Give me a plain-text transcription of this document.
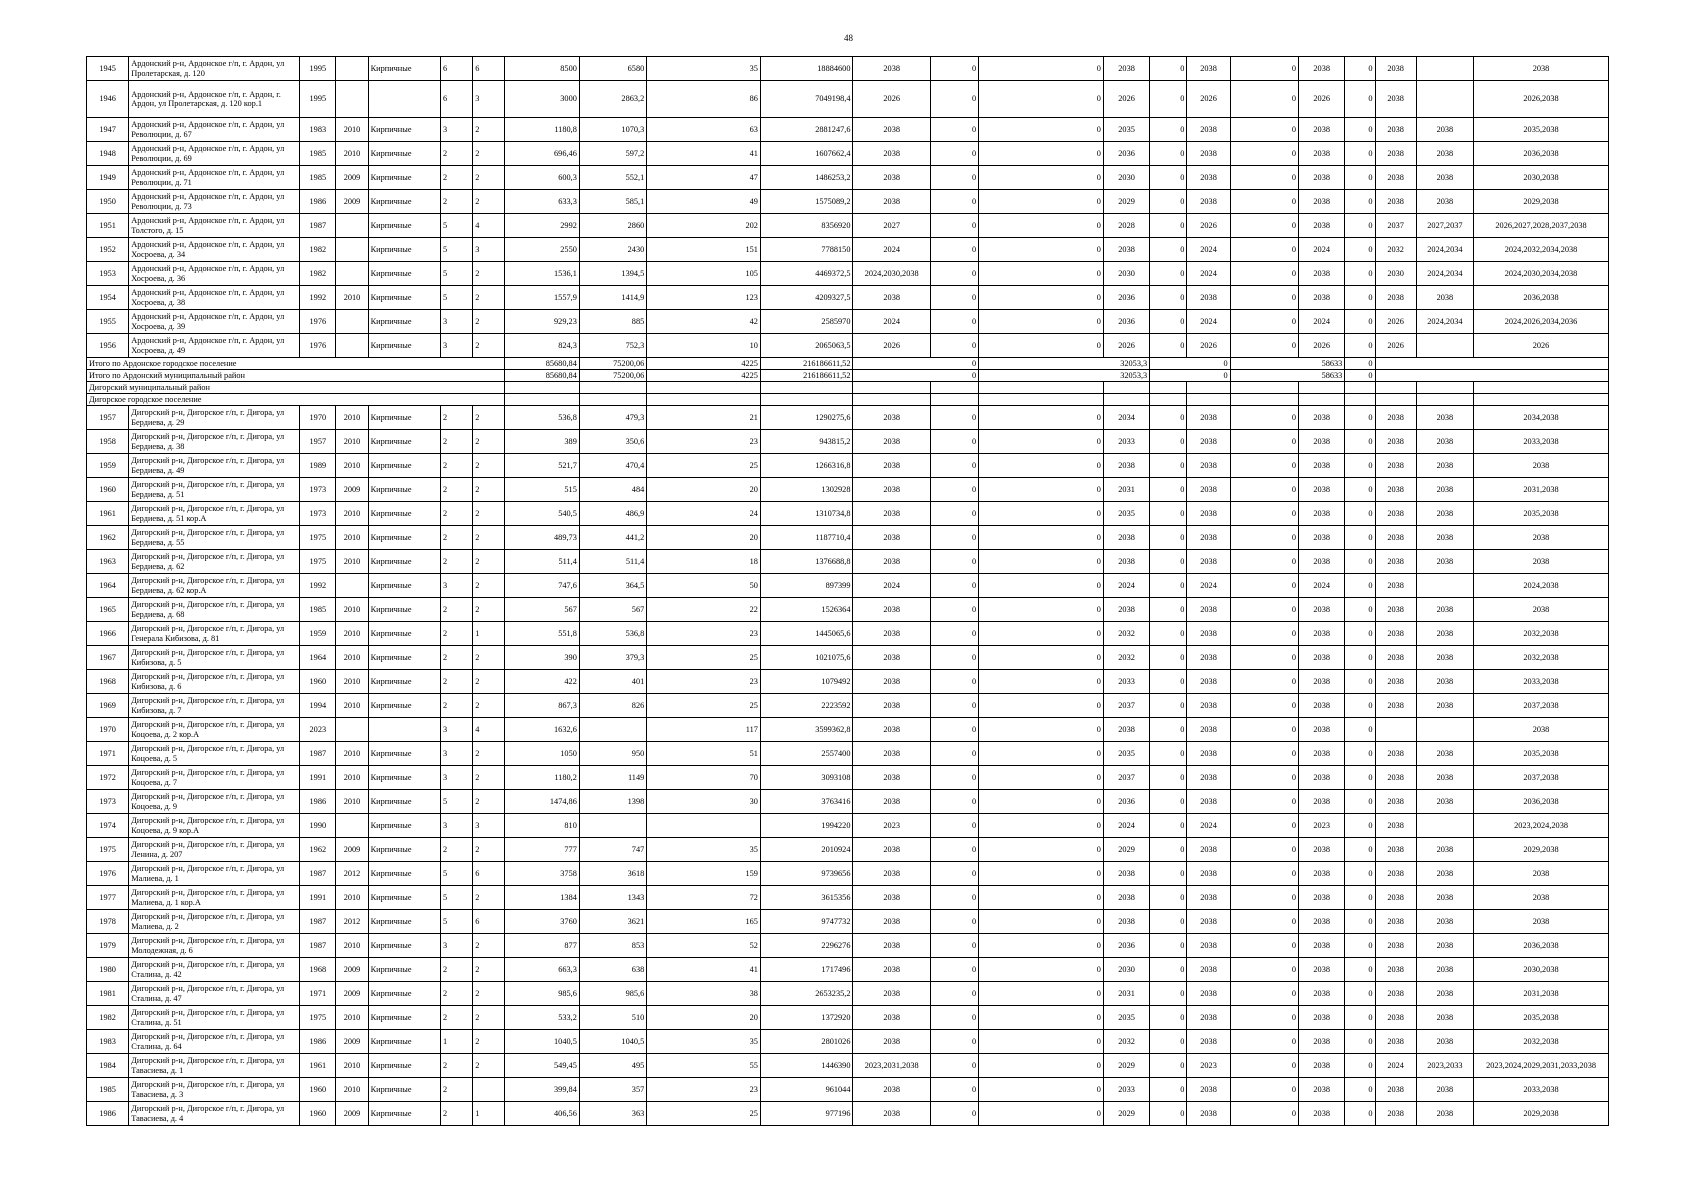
48
1945	Ардонский р-н, Ардонское г/п, г. Ардон, ул Пролетарская, д. 120	1995		Кирпичные	6	6	8500	6580	35	18884600	2038	0	0	2038	0	2038	0	2038	0	2038		2038
1946	Ардонский р-н, Ардонское г/п, г. Ардон, г. Ардон, ул Пролетарская, д. 120 кор.1	1995			6	3	3000	2863,2	86	7049198,4	2026	0	0	2026	0	2026	0	2026	0	2038		2026,2038
1947	Ардонский р-н, Ардонское г/п, г. Ардон, ул Революции, д. 67	1983	2010	Кирпичные	3	2	1180,8	1070,3	63	2881247,6	2038	0	0	2035	0	2038	0	2038	0	2038	2038	2035,2038
1948	Ардонский р-н, Ардонское г/п, г. Ардон, ул Революции, д. 69	1985	2010	Кирпичные	2	2	696,46	597,2	41	1607662,4	2038	0	0	2036	0	2038	0	2038	0	2038	2038	2036,2038
1949	Ардонский р-н, Ардонское г/п, г. Ардон, ул Революции, д. 71	1985	2009	Кирпичные	2	2	600,3	552,1	47	1486253,2	2038	0	0	2030	0	2038	0	2038	0	2038	2038	2030,2038
1950	Ардонский р-н, Ардонское г/п, г. Ардон, ул Революции, д. 73	1986	2009	Кирпичные	2	2	633,3	585,1	49	1575089,2	2038	0	0	2029	0	2038	0	2038	0	2038	2038	2029,2038
1951	Ардонский р-н, Ардонское г/п, г. Ардон, ул Толстого, д. 15	1987		Кирпичные	5	4	2992	2860	202	8356920	2027	0	0	2028	0	2026	0	2038	0	2037	2027,2037	2026,2027,2028,2037,2038
1952	Ардонский р-н, Ардонское г/п, г. Ардон, ул Хосроева, д. 34	1982		Кирпичные	5	3	2550	2430	151	7788150	2024	0	0	2038	0	2024	0	2024	0	2032	2024,2034	2024,2032,2034,2038
1953	Ардонский р-н, Ардонское г/п, г. Ардон, ул Хосроева, д. 36	1982		Кирпичные	5	2	1536,1	1394,5	105	4469372,5	2024,2030,2038	0	0	2030	0	2024	0	2038	0	2030	2024,2034	2024,2030,2034,2038
1954	Ардонский р-н, Ардонское г/п, г. Ардон, ул Хосроева, д. 38	1992	2010	Кирпичные	5	2	1557,9	1414,9	123	4209327,5	2038	0	0	2036	0	2038	0	2038	0	2038	2038	2036,2038
1955	Ардонский р-н, Ардонское г/п, г. Ардон, ул Хосроева, д. 39	1976		Кирпичные	3	2	929,23	885	42	2585970	2024	0	0	2036	0	2024	0	2024	0	2026	2024,2034	2024,2026,2034,2036
1956	Ардонский р-н, Ардонское г/п, г. Ардон, ул Хосроева, д. 49	1976		Кирпичные	3	2	824,3	752,3	10	2065063,5	2026	0	0	2026	0	2026	0	2026	0	2026		2026
Итого по Ардонское городское поселение							85680,84	75200,06	4225	216186611,52	0		32053,3		0		58633		0			
Итого по Ардонский муниципальный район							85680,84	75200,06	4225	216186611,52	0		32053,3		0		58633		0			
Дигорский муниципальный район																						
Дигорское городское поселение																						
1957	Дигорский р-н, Дигорское г/п, г. Дигора, ул Бердиева, д. 29	1970	2010	Кирпичные	2	2	536,8	479,3	21	1290275,6	2038	0	0	2034	0	2038	0	2038	0	2038	2038	2034,2038
1958	Дигорский р-н, Дигорское г/п, г. Дигора, ул Бердиева, д. 38	1957	2010	Кирпичные	2	2	389	350,6	23	943815,2	2038	0	0	2033	0	2038	0	2038	0	2038	2038	2033,2038
1959	Дигорский р-н, Дигорское г/п, г. Дигора, ул Бердиева, д. 49	1989	2010	Кирпичные	2	2	521,7	470,4	25	1266316,8	2038	0	0	2038	0	2038	0	2038	0	2038	2038	2038
1960	Дигорский р-н, Дигорское г/п, г. Дигора, ул Бердиева, д. 51	1973	2009	Кирпичные	2	2	515	484	20	1302928	2038	0	0	2031	0	2038	0	2038	0	2038	2038	2031,2038
1961	Дигорский р-н, Дигорское г/п, г. Дигора, ул Бердиева, д. 51 кор.А	1973	2010	Кирпичные	2	2	540,5	486,9	24	1310734,8	2038	0	0	2035	0	2038	0	2038	0	2038	2038	2035,2038
1962	Дигорский р-н, Дигорское г/п, г. Дигора, ул Бердиева, д. 55	1975	2010	Кирпичные	2	2	489,73	441,2	20	1187710,4	2038	0	0	2038	0	2038	0	2038	0	2038	2038	2038
1963	Дигорский р-н, Дигорское г/п, г. Дигора, ул Бердиева, д. 62	1975	2010	Кирпичные	2	2	511,4	511,4	18	1376688,8	2038	0	0	2038	0	2038	0	2038	0	2038	2038	2038
1964	Дигорский р-н, Дигорское г/п, г. Дигора, ул Бердиева, д. 62 кор.А	1992		Кирпичные	3	2	747,6	364,5	50	897399	2024	0	0	2024	0	2024	0	2024	0	2038		2024,2038
1965	Дигорский р-н, Дигорское г/п, г. Дигора, ул Бердиева, д. 68	1985	2010	Кирпичные	2	2	567	567	22	1526364	2038	0	0	2038	0	2038	0	2038	0	2038	2038	2038
1966	Дигорский р-н, Дигорское г/п, г. Дигора, ул Генерала Кибизова, д. 81	1959	2010	Кирпичные	2	1	551,8	536,8	23	1445065,6	2038	0	0	2032	0	2038	0	2038	0	2038	2038	2032,2038
1967	Дигорский р-н, Дигорское г/п, г. Дигора, ул Кибизова, д. 5	1964	2010	Кирпичные	2	2	390	379,3	25	1021075,6	2038	0	0	2032	0	2038	0	2038	0	2038	2038	2032,2038
1968	Дигорский р-н, Дигорское г/п, г. Дигора, ул Кибизова, д. 6	1960	2010	Кирпичные	2	2	422	401	23	1079492	2038	0	0	2033	0	2038	0	2038	0	2038	2038	2033,2038
1969	Дигорский р-н, Дигорское г/п, г. Дигора, ул Кибизова, д. 7	1994	2010	Кирпичные	2	2	867,3	826	25	2223592	2038	0	0	2037	0	2038	0	2038	0	2038	2038	2037,2038
1970	Дигорский р-н, Дигорское г/п, г. Дигора, ул Коцоева, д. 2 кор.А	2023			3	4	1632,6		117	3599362,8	2038	0	0	2038	0	2038	0	2038	0			2038
1971	Дигорский р-н, Дигорское г/п, г. Дигора, ул Коцоева, д. 5	1987	2010	Кирпичные	3	2	1050	950	51	2557400	2038	0	0	2035	0	2038	0	2038	0	2038	2038	2035,2038
1972	Дигорский р-н, Дигорское г/п, г. Дигора, ул Коцоева, д. 7	1991	2010	Кирпичные	3	2	1180,2	1149	70	3093108	2038	0	0	2037	0	2038	0	2038	0	2038	2038	2037,2038
1973	Дигорский р-н, Дигорское г/п, г. Дигора, ул Коцоева, д. 9	1986	2010	Кирпичные	5	2	1474,86	1398	30	3763416	2038	0	0	2036	0	2038	0	2038	0	2038	2038	2036,2038
1974	Дигорский р-н, Дигорское г/п, г. Дигора, ул Коцоева, д. 9 кор.А	1990		Кирпичные	3	3	810			1994220	2023	0	0	2024	0	2024	0	2023	0	2038		2023,2024,2038
1975	Дигорский р-н, Дигорское г/п, г. Дигора, ул Ленина, д. 207	1962	2009	Кирпичные	2	2	777	747	35	2010924	2038	0	0	2029	0	2038	0	2038	0	2038	2038	2029,2038
1976	Дигорский р-н, Дигорское г/п, г. Дигора, ул Малиева, д. 1	1987	2012	Кирпичные	5	6	3758	3618	159	9739656	2038	0	0	2038	0	2038	0	2038	0	2038	2038	2038
1977	Дигорский р-н, Дигорское г/п, г. Дигора, ул Малиева, д. 1 кор.А	1991	2010	Кирпичные	5	2	1384	1343	72	3615356	2038	0	0	2038	0	2038	0	2038	0	2038	2038	2038
1978	Дигорский р-н, Дигорское г/п, г. Дигора, ул Малиева, д. 2	1987	2012	Кирпичные	5	6	3760	3621	165	9747732	2038	0	0	2038	0	2038	0	2038	0	2038	2038	2038
1979	Дигорский р-н, Дигорское г/п, г. Дигора, ул Молодежная, д. 6	1987	2010	Кирпичные	3	2	877	853	52	2296276	2038	0	0	2036	0	2038	0	2038	0	2038	2038	2036,2038
1980	Дигорский р-н, Дигорское г/п, г. Дигора, ул Сталина, д. 42	1968	2009	Кирпичные	2	2	663,3	638	41	1717496	2038	0	0	2030	0	2038	0	2038	0	2038	2038	2030,2038
1981	Дигорский р-н, Дигорское г/п, г. Дигора, ул Сталина, д. 47	1971	2009	Кирпичные	2	2	985,6	985,6	38	2653235,2	2038	0	0	2031	0	2038	0	2038	0	2038	2038	2031,2038
1982	Дигорский р-н, Дигорское г/п, г. Дигора, ул Сталина, д. 51	1975	2010	Кирпичные	2	2	533,2	510	20	1372920	2038	0	0	2035	0	2038	0	2038	0	2038	2038	2035,2038
1983	Дигорский р-н, Дигорское г/п, г. Дигора, ул Сталина, д. 64	1986	2009	Кирпичные	1	2	1040,5	1040,5	35	2801026	2038	0	0	2032	0	2038	0	2038	0	2038	2038	2032,2038
1984	Дигорский р-н, Дигорское г/п, г. Дигора, ул Тавасиева, д. 1	1961	2010	Кирпичные	2	2	549,45	495	55	1446390	2023,2031,2038	0	0	2029	0	2023	0	2038	0	2024	2023,2033	2023,2024,2029,2031,2033,2038
1985	Дигорский р-н, Дигорское г/п, г. Дигора, ул Тавасиева, д. 3	1960	2010	Кирпичные	2		399,84	357	23	961044	2038	0	0	2033	0	2038	0	2038	0	2038	2038	2033,2038
1986	Дигорский р-н, Дигорское г/п, г. Дигора, ул Тавасиева, д. 4	1960	2009	Кирпичные	2	1	406,56	363	25	977196	2038	0	0	2029	0	2038	0	2038	0	2038	2038	2029,2038
